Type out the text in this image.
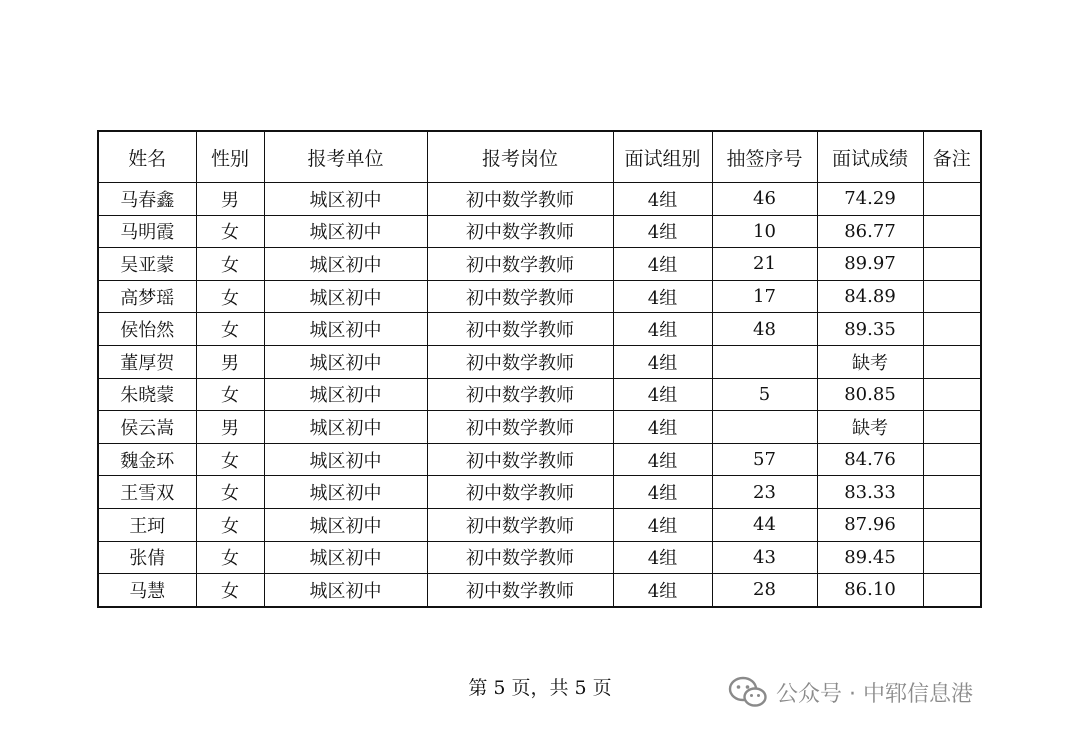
姓名	性别	报考单位	报考岗位	面试组别	抽签序号	面试成绩	备注
马春鑫	男	城区初中	初中数学教师	4组	46	74.29	
马明霞	女	城区初中	初中数学教师	4组	10	86.77	
吴亚蒙	女	城区初中	初中数学教师	4组	21	89.97	
高梦瑶	女	城区初中	初中数学教师	4组	17	84.89	
侯怡然	女	城区初中	初中数学教师	4组	48	89.35	
董厚贺	男	城区初中	初中数学教师	4组		缺考	
朱晓蒙	女	城区初中	初中数学教师	4组	5	80.85	
侯云嵩	男	城区初中	初中数学教师	4组		缺考	
魏金环	女	城区初中	初中数学教师	4组	57	84.76	
王雪双	女	城区初中	初中数学教师	4组	23	83.33	
王珂	女	城区初中	初中数学教师	4组	44	87.96	
张倩	女	城区初中	初中数学教师	4组	43	89.45	
马慧	女	城区初中	初中数学教师	4组	28	86.10	
第 5 页，共 5 页	公众号 · 中郓信息港
